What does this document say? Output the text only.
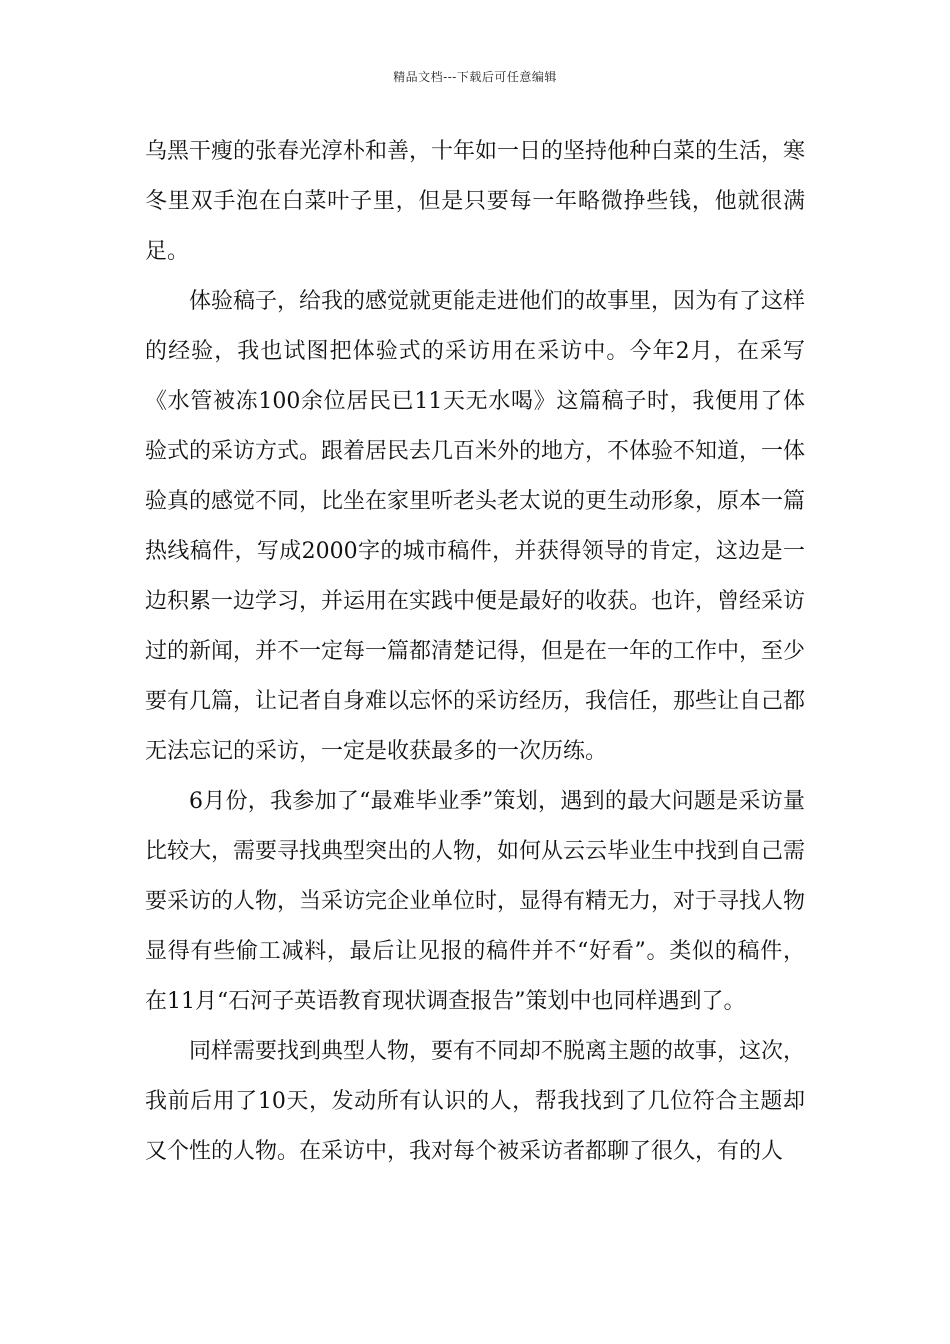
精品文档---下载后可任意编辑

乌黑干瘦的张春光淳朴和善，十年如一日的坚持他种白菜的生活，寒冬里双手泡在白菜叶子里，但是只要每一年略微挣些钱，他就很满足。

体验稿子，给我的感觉就更能走进他们的故事里，因为有了这样的经验，我也试图把体验式的采访用在采访中。今年2月，在采写《水管被冻100余位居民已11天无水喝》这篇稿子时，我便用了体验式的采访方式。跟着居民去几百米外的地方，不体验不知道，一体验真的感觉不同，比坐在家里听老头老太说的更生动形象，原本一篇热线稿件，写成2000字的城市稿件，并获得领导的肯定，这边是一边积累一边学习，并运用在实践中便是最好的收获。也许，曾经采访过的新闻，并不一定每一篇都清楚记得，但是在一年的工作中，至少要有几篇，让记者自身难以忘怀的采访经历，我信任，那些让自己都无法忘记的采访，一定是收获最多的一次历练。

6月份，我参加了“最难毕业季”策划，遇到的最大问题是采访量比较大，需要寻找典型突出的人物，如何从云云毕业生中找到自己需要采访的人物，当采访完企业单位时，显得有精无力，对于寻找人物显得有些偷工减料，最后让见报的稿件并不“好看”。类似的稿件，在11月“石河子英语教育现状调查报告”策划中也同样遇到了。

同样需要找到典型人物，要有不同却不脱离主题的故事，这次，我前后用了10天，发动所有认识的人，帮我找到了几位符合主题却又个性的人物。在采访中，我对每个被采访者都聊了很久，有的人
